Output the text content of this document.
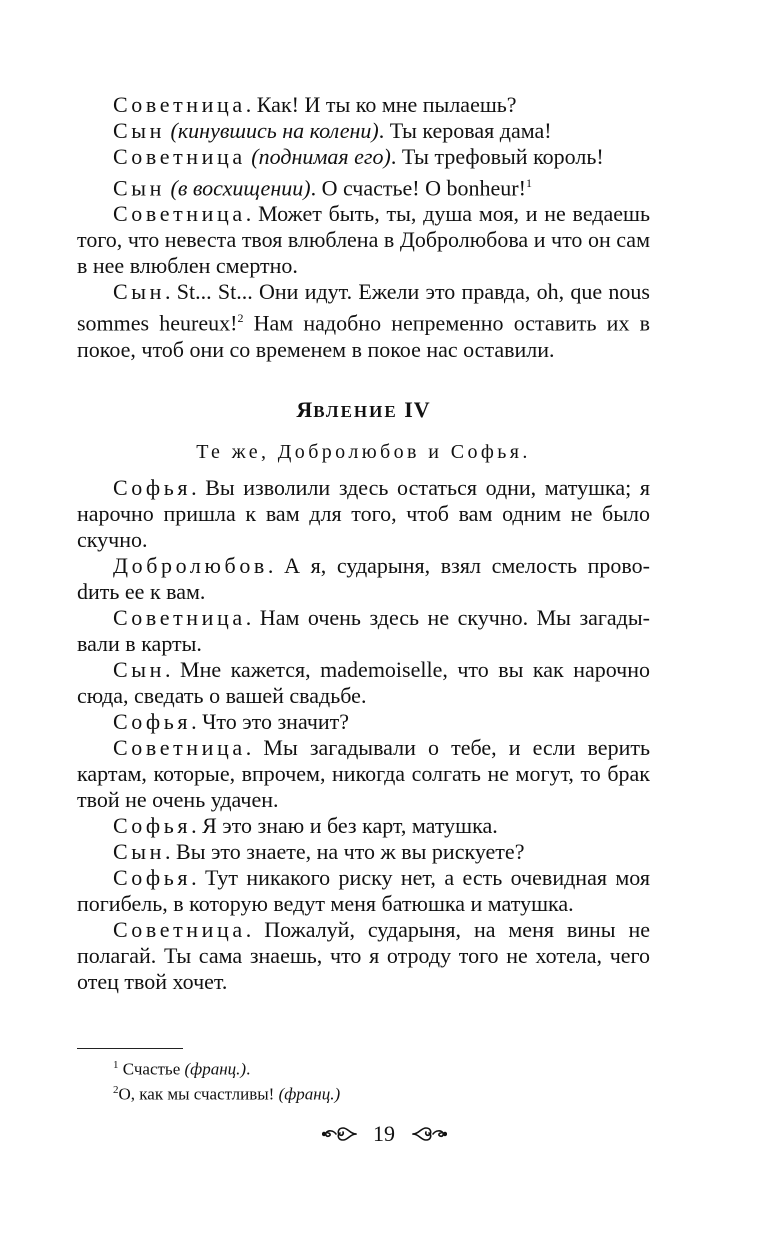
Советница. Как! И ты ко мне пылаешь?

Сын (кинувшись на колени). Ты керовая дама!

Советница (поднимая его). Ты трефовый король!

Сын (в восхищении). О счастье! О bonheur!$^1$

Советница. Может быть, ты, душа моя, и не ведаешь того, что невеста твоя влюблена в Добролюбова и что он сам в нее влюблен смертно.

Сын. St... St... Они идут. Ежели это правда, oh, que nous sommes heureux!$^2$ Нам надобно непременно оставить их в покое, чтоб они со временем в покое нас оставили.

ЯВЛЕНИЕ IV

Те же, Добролюбов и Софья.

Софья. Вы изволили здесь остаться одни, матушка; я нарочно пришла к вам для того, чтоб вам одним не было скучно.

Добролюбов. А я, сударыня, взял смелость провоdить ее к вам.

Советница. Нам очень здесь не скучно. Мы загадывали в карты.

Сын. Мне кажется, mademoiselle, что вы как нарочно сюда, сведать о вашей свадьбе.

Софья. Что это значит?

Советница. Мы загадывали о тебе, и если верить картам, которые, впрочем, никогда солгать не могут, то брак твой не очень удачен.

Софья. Я это знаю и без карт, матушка.

Сын. Вы это знаете, на что ж вы рискуете?

Софья. Тут никакого риску нет, а есть очевидная моя погибель, в которую ведут меня батюшка и матушка.

Советница. Пожалуй, сударыня, на меня вины не полагай. Ты сама знаешь, что я отроду того не хотела, чего отец твой хочет.

$^1$ Счастье (франц.).

$^2$О, как мы счастливы! (франц.)

19
